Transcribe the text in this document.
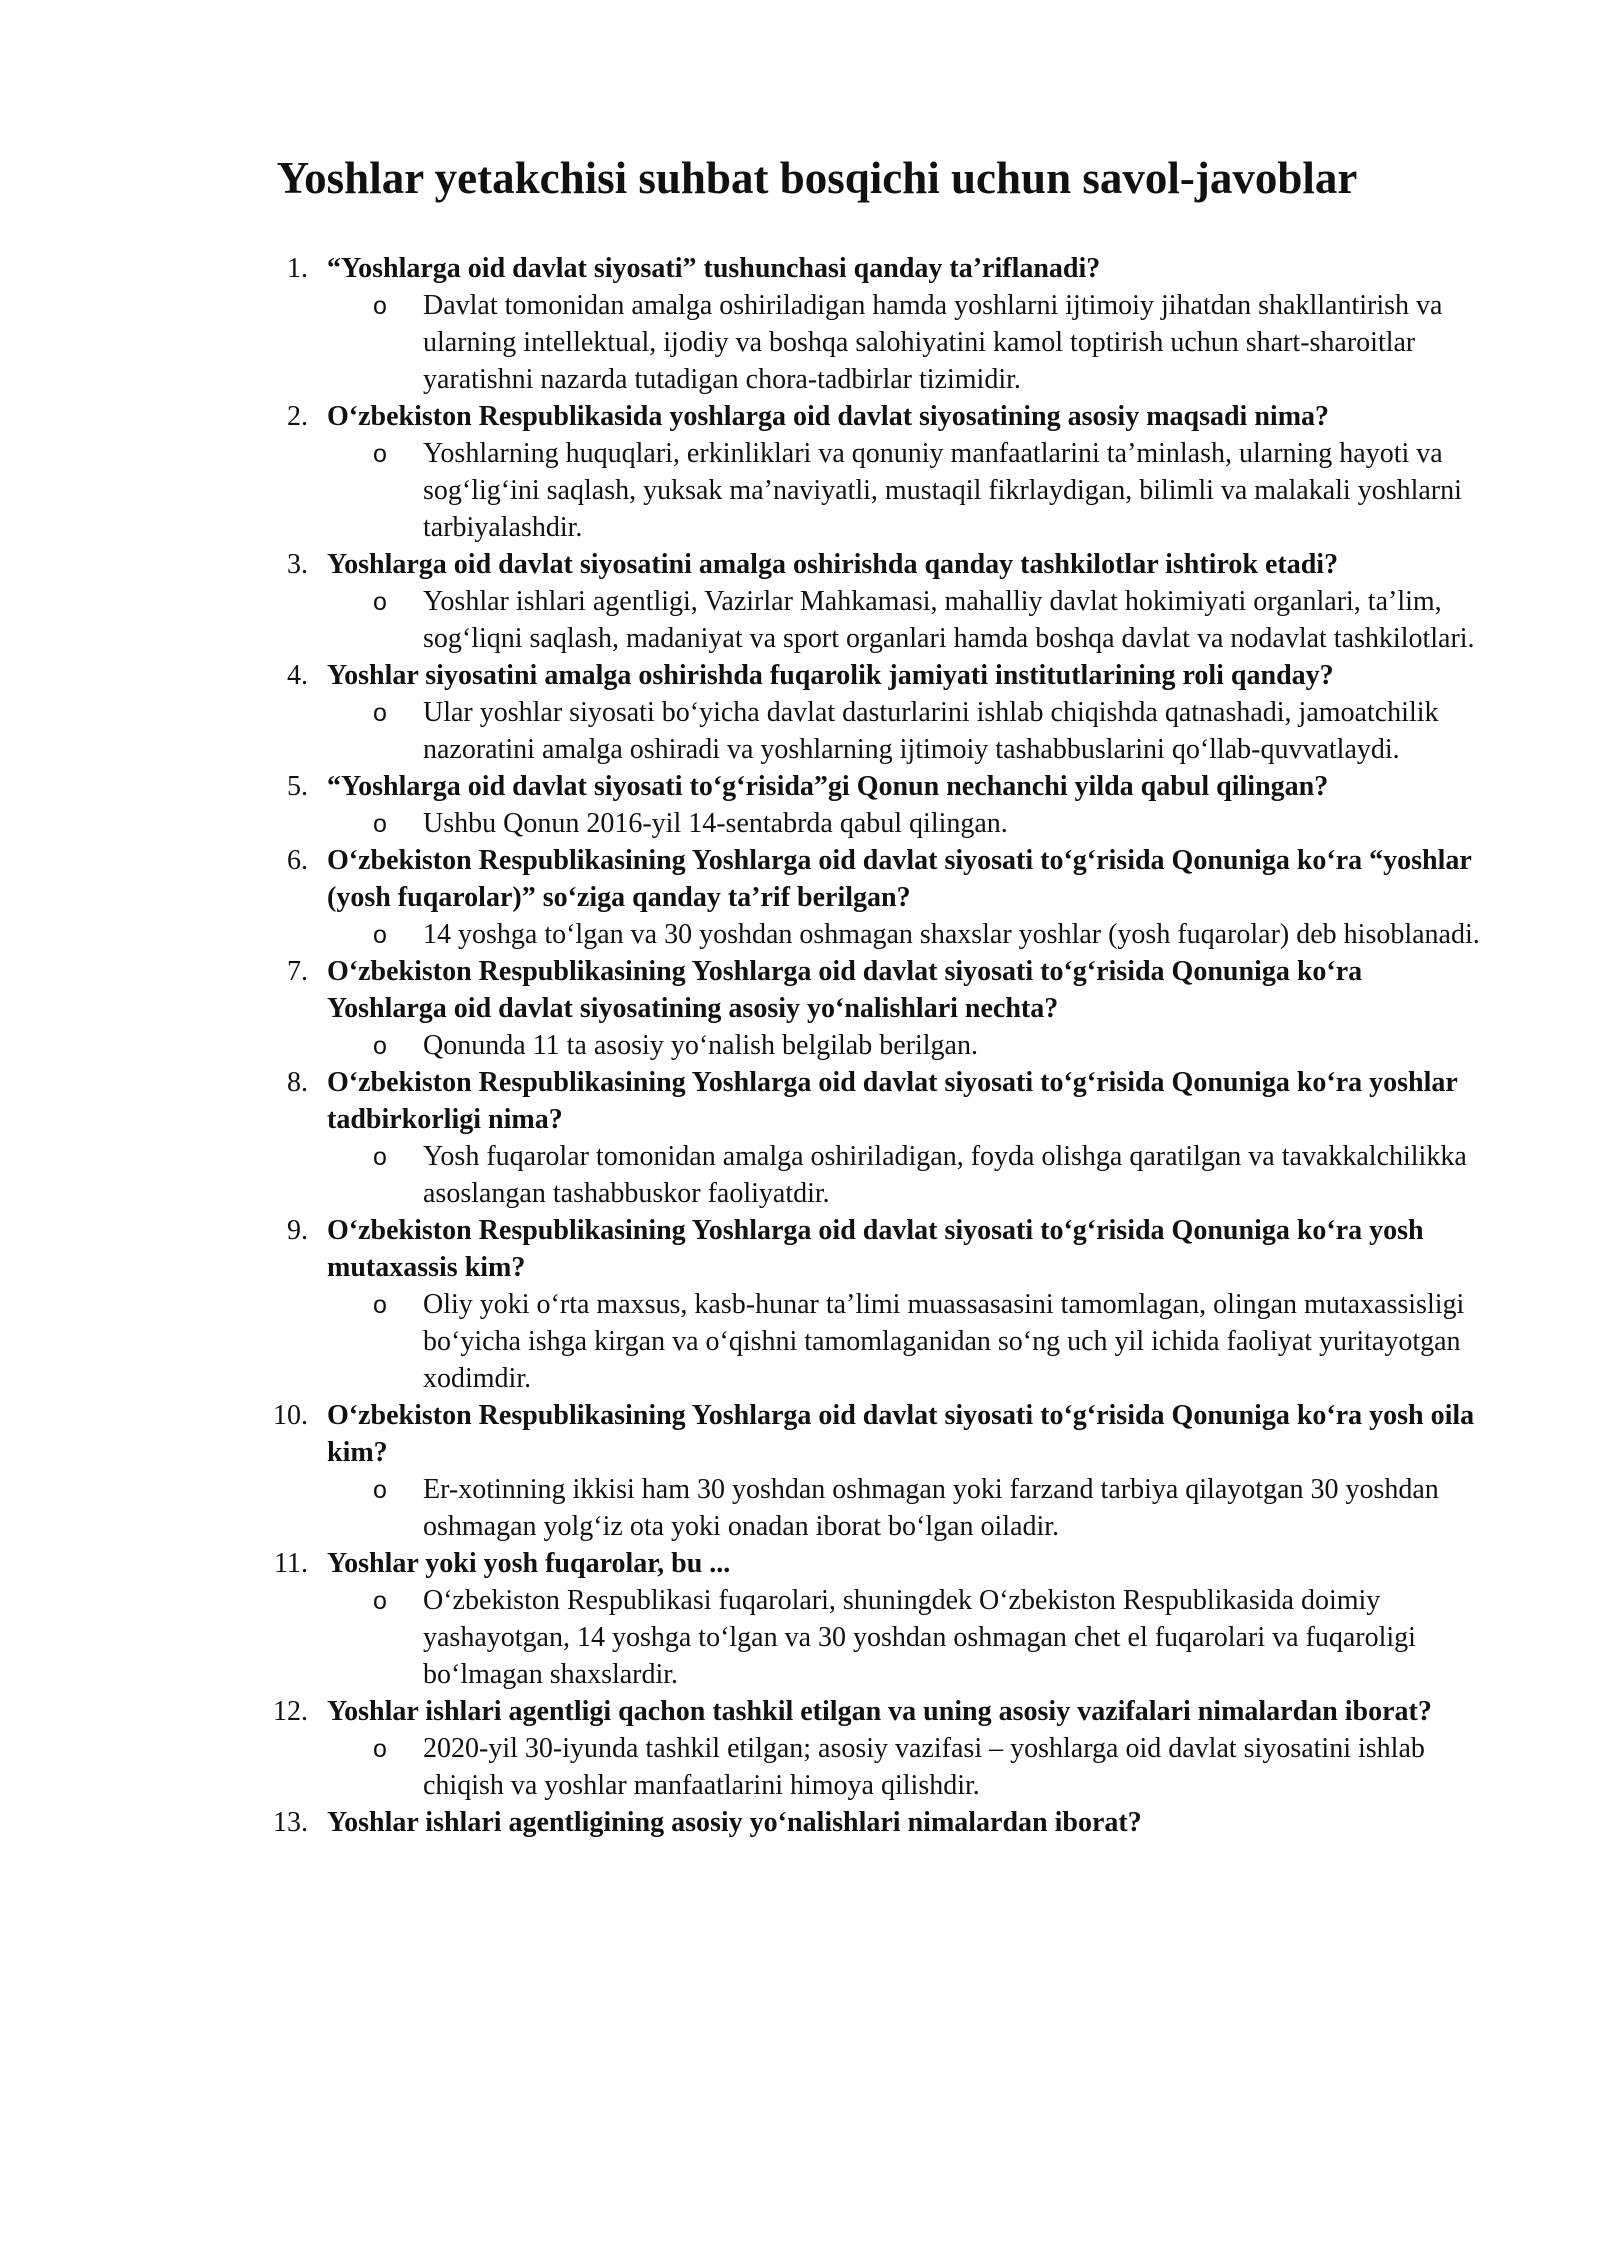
Yoshlar yetakchisi suhbat bosqichi uchun savol-javoblar
1. “Yoshlarga oid davlat siyosati” tushunchasi qanday ta’riflanadi?
o Davlat tomonidan amalga oshiriladigan hamda yoshlarni ijtimoiy jihatdan shakllantirish va ularning intellektual, ijodiy va boshqa salohiyatini kamol toptirish uchun shart-sharoitlar yaratishni nazarda tutadigan chora-tadbirlar tizimidir.
2. O‘zbekiston Respublikasida yoshlarga oid davlat siyosatining asosiy maqsadi nima?
o Yoshlarning huquqlari, erkinliklari va qonuniy manfaatlarini ta’minlash, ularning hayoti va sog‘lig‘ini saqlash, yuksak ma’naviyatli, mustaqil fikrlaydigan, bilimli va malakali yoshlarni tarbiyalashdir.
3. Yoshlarga oid davlat siyosatini amalga oshirishda qanday tashkilotlar ishtirok etadi?
o Yoshlar ishlari agentligi, Vazirlar Mahkamasi, mahalliy davlat hokimiyati organlari, ta’lim, sog‘liqni saqlash, madaniyat va sport organlari hamda boshqa davlat va nodavlat tashkilotlari.
4. Yoshlar siyosatini amalga oshirishda fuqarolik jamiyati institutlarining roli qanday?
o Ular yoshlar siyosati bo‘yicha davlat dasturlarini ishlab chiqishda qatnashadi, jamoatchilik nazoratini amalga oshiradi va yoshlarning ijtimoiy tashabbuslarini qo‘llab-quvvatlaydi.
5. “Yoshlarga oid davlat siyosati to‘g‘risida”gi Qonun nechanchi yilda qabul qilingan?
o Ushbu Qonun 2016-yil 14-sentabrda qabul qilingan.
6. O‘zbekiston Respublikasining Yoshlarga oid davlat siyosati to‘g‘risida Qonuniga ko‘ra “yoshlar (yosh fuqarolar)” so‘ziga qanday ta’rif berilgan?
o 14 yoshga to‘lgan va 30 yoshdan oshmagan shaxslar yoshlar (yosh fuqarolar) deb hisoblanadi.
7. O‘zbekiston Respublikasining Yoshlarga oid davlat siyosati to‘g‘risida Qonuniga ko‘ra Yoshlarga oid davlat siyosatining asosiy yo‘nalishlari nechta?
o Qonunda 11 ta asosiy yo‘nalish belgilab berilgan.
8. O‘zbekiston Respublikasining Yoshlarga oid davlat siyosati to‘g‘risida Qonuniga ko‘ra yoshlar tadbirkorligi nima?
o Yosh fuqarolar tomonidan amalga oshiriladigan, foyda olishga qaratilgan va tavakkalchilikka asoslangan tashabbuskor faoliyatdir.
9. O‘zbekiston Respublikasining Yoshlarga oid davlat siyosati to‘g‘risida Qonuniga ko‘ra yosh mutaxassis kim?
o Oliy yoki o‘rta maxsus, kasb-hunar ta’limi muassasasini tamomlagan, olingan mutaxassisligi bo‘yicha ishga kirgan va o‘qishni tamomlaganidan so‘ng uch yil ichida faoliyat yuritayotgan xodimdir.
10. O‘zbekiston Respublikasining Yoshlarga oid davlat siyosati to‘g‘risida Qonuniga ko‘ra yosh oila kim?
o Er-xotinning ikkisi ham 30 yoshdan oshmagan yoki farzand tarbiya qilayotgan 30 yoshdan oshmagan yolg‘iz ota yoki onadan iborat bo‘lgan oiladir.
11. Yoshlar yoki yosh fuqarolar, bu ...
o O‘zbekiston Respublikasi fuqarolari, shuningdek O‘zbekiston Respublikasida doimiy yashayotgan, 14 yoshga to‘lgan va 30 yoshdan oshmagan chet el fuqarolari va fuqaroligi bo‘lmagan shaxslardir.
12. Yoshlar ishlari agentligi qachon tashkil etilgan va uning asosiy vazifalari nimalardan iborat?
o 2020-yil 30-iyunda tashkil etilgan; asosiy vazifasi – yoshlarga oid davlat siyosatini ishlab chiqish va yoshlar manfaatlarini himoya qilishdir.
13. Yoshlar ishlari agentligining asosiy yo‘nalishlari nimalardan iborat?
